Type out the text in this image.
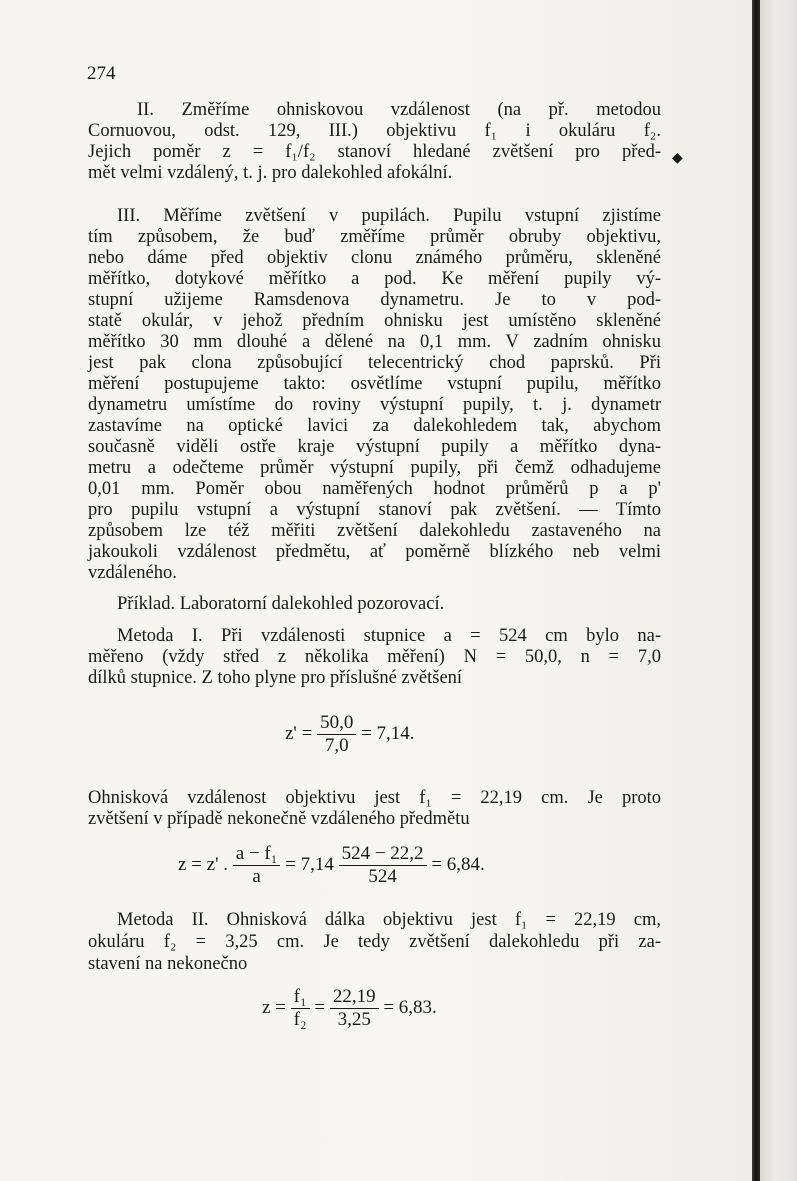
274
◆
II. Změříme ohniskovou vzdálenost (na př. metodou
Cornuovou, odst. 129, III.) objektivu f₁ i okuláru f₂.
Jejich poměr z = f₁/f₂ stanoví hledané zvětšení pro před-
mět velmi vzdálený, t. j. pro dalekohled afokální.
III. Měříme zvětšení v pupilách. Pupilu vstupní zjistíme
tím způsobem, že buď změříme průměr obruby objektivu,
nebo dáme před objektiv clonu známého průměru, skleněné
měřítko, dotykové měřítko a pod. Ke měření pupily vý-
stupní užijeme Ramsdenova dynametru. Je to v pod-
statě okulár, v jehož předním ohnisku jest umístěno skleněné
měřítko 30 mm dlouhé a dělené na 0,1 mm. V zadním ohnisku
jest pak clona způsobující telecentrický chod paprsků. Při
měření postupujeme takto: osvětlíme vstupní pupilu, měřítko
dynametru umístíme do roviny výstupní pupily, t. j. dynametr
zastavíme na optické lavici za dalekohledem tak, abychom
současně viděli ostře kraje výstupní pupily a měřítko dyna-
metru a odečteme průměr výstupní pupily, při čemž odhadujeme
0,01 mm. Poměr obou naměřených hodnot průměrů p a p'
pro pupilu vstupní a výstupní stanoví pak zvětšení. — Tímto
způsobem lze též měřiti zvětšení dalekohledu zastaveného na
jakoukoli vzdálenost předmětu, ať poměrně blízkého neb velmi
vzdáleného.
Příklad. Laboratorní dalekohled pozorovací.
Metoda I. Při vzdálenosti stupnice a = 524 cm bylo na-
měřeno (vždy střed z několika měření) N = 50,0, n = 7,0
dílků stupnice. Z toho plyne pro příslušné zvětšení
$z' = \frac{50,0}{7,0} = 7,14$.
Ohnisková vzdálenost objektivu jest f₁ = 22,19 cm. Je proto
zvětšení v případě nekonečně vzdáleného předmětu
z = z' . $\frac{\text{a − f₁}}{a} = 7,14 \frac{524 - 22,2}{524} = 6,84$.
Metoda II. Ohnisková dálka objektivu jest f₁ = 22,19 cm,
okuláru f₂ = 3,25 cm. Je tedy zvětšení dalekohledu při za-
stavení na nekonečno
$z = \frac{\text{f₁}}{\text{f₂}} = \frac{22,19}{3,25} = 6,83$.
